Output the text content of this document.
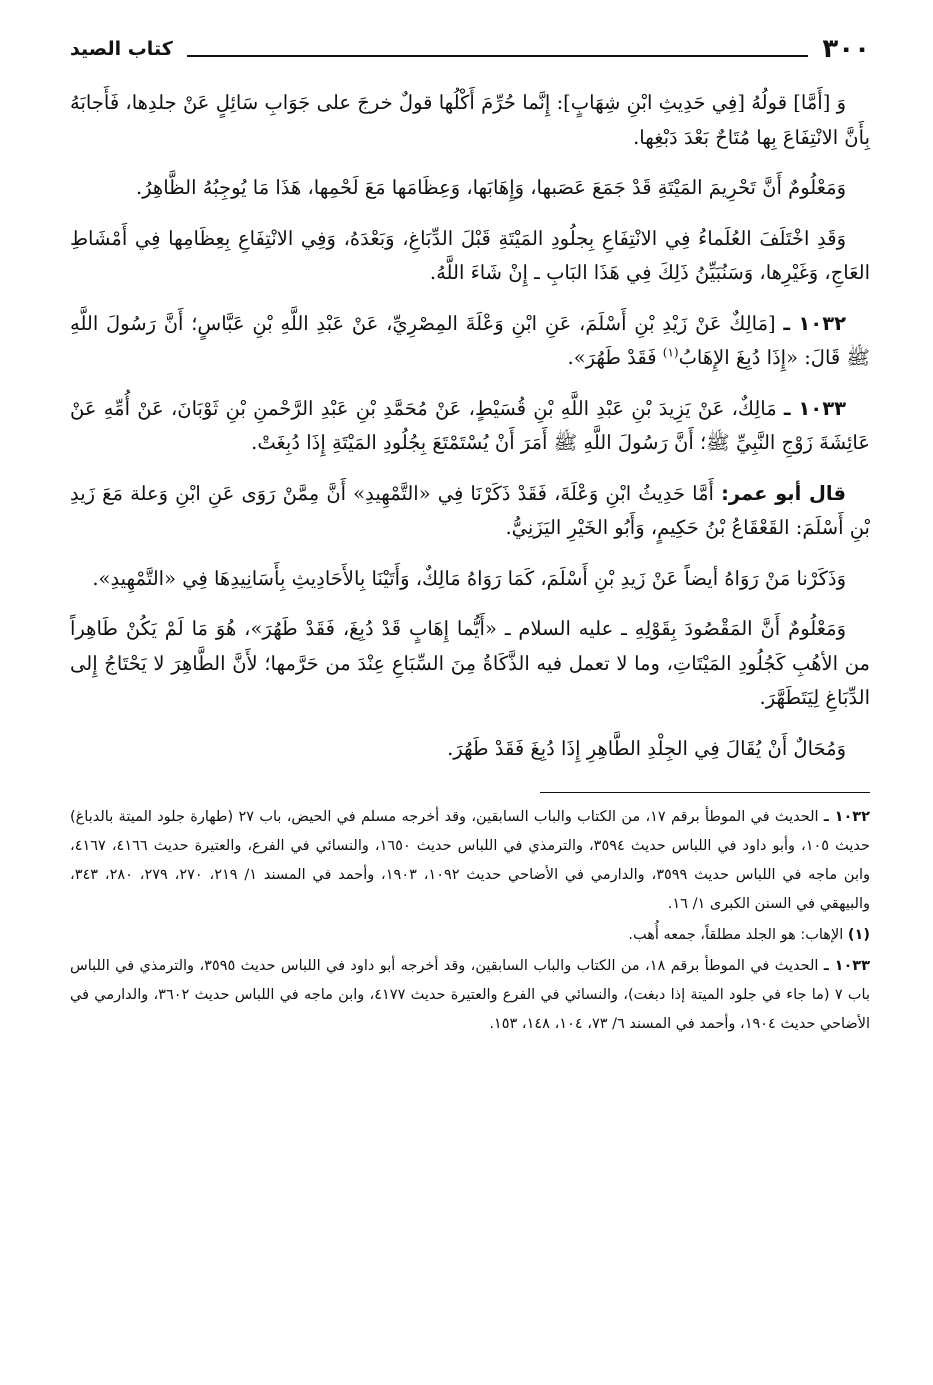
٣٠٠
كتاب الصيد

وَ [أَمَّا] قولُهُ [فِي حَدِيثِ ابْنِ شِهَابٍ]: إِنَّما حُرِّمَ أَكْلُها قولٌ خرجَ على جَوَابِ سَائِلٍ عَنْ جلدِها، فَأَجابَهُ بِأَنَّ الانْتِفَاعَ بِها مُتَاحٌ بَعْدَ دَبْغِها.

وَمَعْلُومٌ أَنَّ تَحْرِيمَ المَيْتَةِ قَدْ جَمَعَ عَصَبها، وَإِهَابَها، وَعِظَامَها مَعَ لَحْمِها، هَذَا مَا يُوجِبُهُ الظَّاهِرُ.

وَقَدِ اخْتَلَفَ العُلَماءُ فِي الانْتِفَاعِ بِجلُودِ المَيْتَةِ قَبْلَ الدِّبَاغِ، وَبَعْدَهُ، وَفِي الانْتِفَاعِ بِعِظَامِها فِي أَمْشَاطِ العَاجِ، وَغَيْرِها، وَسَنُبَيِّنُ ذَلِكَ فِي هَذَا البَابِ ـ إِنْ شَاءَ اللَّهُ.

١٠٣٢ ـ [مَالِكٌ عَنْ زَيْدِ بْنِ أَسْلَمَ، عَنِ ابْنِ وَعْلَةَ المِصْرِيِّ، عَنْ عَبْدِ اللَّهِ بْنِ عَبَّاسٍ؛ أَنَّ رَسُولَ اللَّهِ ﷺ قَالَ: «إِذَا دُبِغَ الإِهَابُ$^{(١)}$ فَقَدْ طَهُرَ».

١٠٣٣ ـ مَالِكٌ، عَنْ يَزِيدَ بْنِ عَبْدِ اللَّهِ بْنِ قُسَيْطٍ، عَنْ مُحَمَّدِ بْنِ عَبْدِ الرَّحْمنِ بْنِ ثَوْبَانَ، عَنْ أُمِّهِ عَنْ عَائِشَةَ زَوْجِ النَّبِيِّ ﷺ؛ أَنَّ رَسُولَ اللَّهِ ﷺ أَمَرَ أَنْ يُسْتَمْتَعَ بِجُلُودِ المَيْتَةِ إِذَا دُبِغَتْ.

قال أبو عمر: أَمَّا حَدِيثُ ابْنِ وَعْلَةَ، فَقَدْ ذَكَرْنَا فِي «التَّمْهِيدِ» أَنَّ مِمَّنْ رَوَى عَنِ ابْنِ وَعلة مَعَ زَيدِ بْنِ أَسْلَمَ: القَعْقَاعُ بْنُ حَكِيمٍ، وَأَبُو الخَيْرِ اليَزَنِيُّ.

وَذَكَرْنا مَنْ رَوَاهُ أيضاً عَنْ زَيدِ بْنِ أَسْلَمَ، كَمَا رَوَاهُ مَالِكٌ، وَأَتَيْنَا بِالأَحَادِيثِ بِأَسَانِيدِهَا فِي «التَّمْهِيدِ».

وَمَعْلُومٌ أَنَّ المَقْصُودَ بِقَوْلِهِ ـ عليه السلام ـ «أَيُّما إِهَابٍ قَدْ دُبِغَ، فَقَدْ طَهُرَ»، هُوَ مَا لَمْ يَكُنْ طَاهِراً من الأهُبِ كَجُلُودِ المَيْتَاتِ، وما لا تعمل فيه الذَّكَاةُ مِنَ السِّبَاعِ عِنْدَ من حَرَّمها؛ لأَنَّ الطَّاهِرَ لا يَحْتَاجُ إِلى الدِّبَاغِ لِيَتَطَهَّرَ.

وَمُحَالٌ أَنْ يُقَالَ فِي الجِلْدِ الطَّاهِرِ إِذَا دُبِغَ فَقَدْ طَهُرَ.

١٠٣٢ ـ الحديث في الموطأ برقم ١٧، من الكتاب والباب السابقين، وقد أخرجه مسلم في الحيض، باب ٢٧ (طهارة جلود الميتة بالدباغ) حديث ١٠٥، وأبو داود في اللباس حديث ٣٥٩٤، والترمذي في اللباس حديث ١٦٥٠، والنسائي في الفرع، والعتيرة حديث ٤١٦٦، ٤١٦٧، وابن ماجه في اللباس حديث ٣٥٩٩، والدارمي في الأضاحي حديث ١٠٩٢، ١٩٠٣، وأحمد في المسند ١/ ٢١٩، ٢٧٠، ٢٧٩، ٢٨٠، ٣٤٣، والبيهقي في السنن الكبرى ١/ ١٦.

(١) الإهاب: هو الجلد مطلقاً، جمعه أُهب.

١٠٣٣ ـ الحديث في الموطأ برقم ١٨، من الكتاب والباب السابقين، وقد أخرجه أبو داود في اللباس حديث ٣٥٩٥، والترمذي في اللباس باب ٧ (ما جاء في جلود الميتة إذا دبغت)، والنسائي في الفرع والعتيرة حديث ٤١٧٧، وابن ماجه في اللباس حديث ٣٦٠٢، والدارمي في الأضاحي حديث ١٩٠٤، وأحمد في المسند ٦/ ٧٣، ١٠٤، ١٤٨، ١٥٣.
